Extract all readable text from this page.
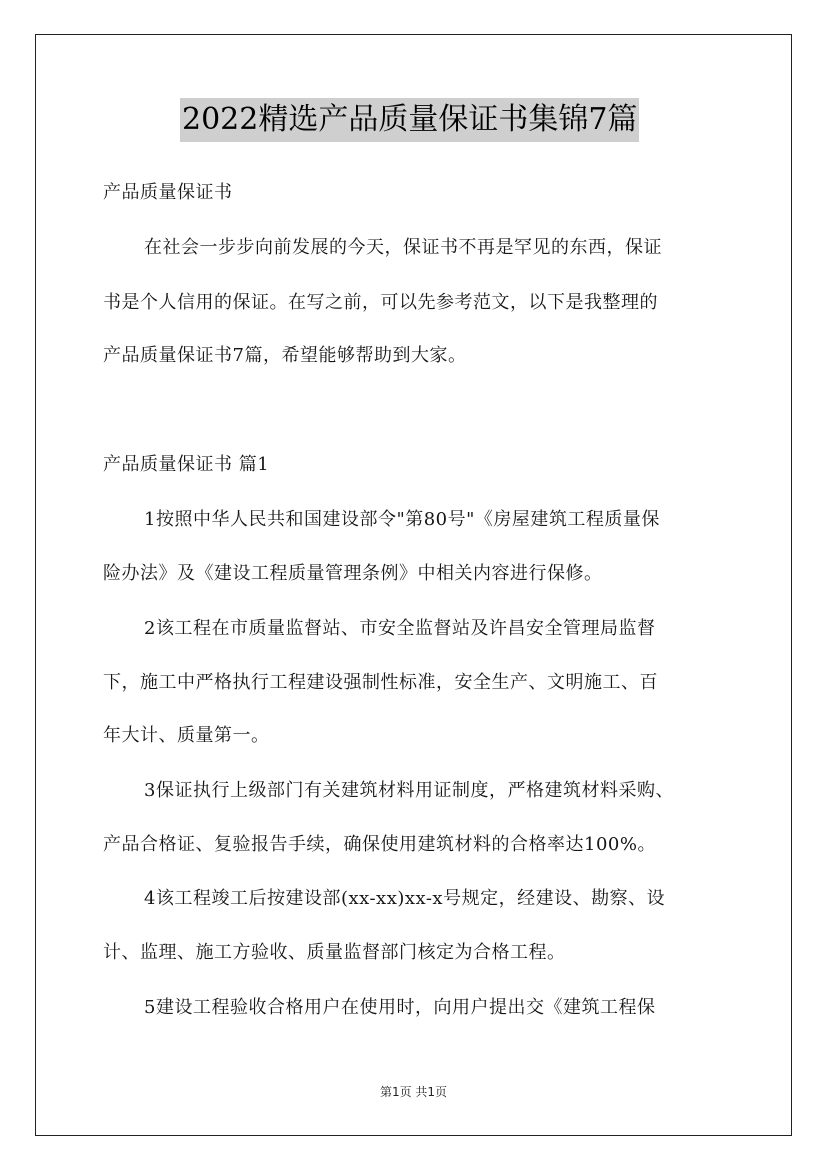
2022精选产品质量保证书集锦7篇
产品质量保证书
在社会一步步向前发展的今天，保证书不再是罕见的东西，保证
书是个人信用的保证。在写之前，可以先参考范文，以下是我整理的
产品质量保证书7篇，希望能够帮助到大家。
产品质量保证书 篇1
1按照中华人民共和国建设部令"第80号"《房屋建筑工程质量保
险办法》及《建设工程质量管理条例》中相关内容进行保修。
2该工程在市质量监督站、市安全监督站及许昌安全管理局监督
下，施工中严格执行工程建设强制性标准，安全生产、文明施工、百
年大计、质量第一。
3保证执行上级部门有关建筑材料用证制度，严格建筑材料采购、
产品合格证、复验报告手续，确保使用建筑材料的合格率达100%。
4该工程竣工后按建设部(xx-xx)xx-x号规定，经建设、勘察、设
计、监理、施工方验收、质量监督部门核定为合格工程。
5建设工程验收合格用户在使用时，向用户提出交《建筑工程保
第1页 共1页
